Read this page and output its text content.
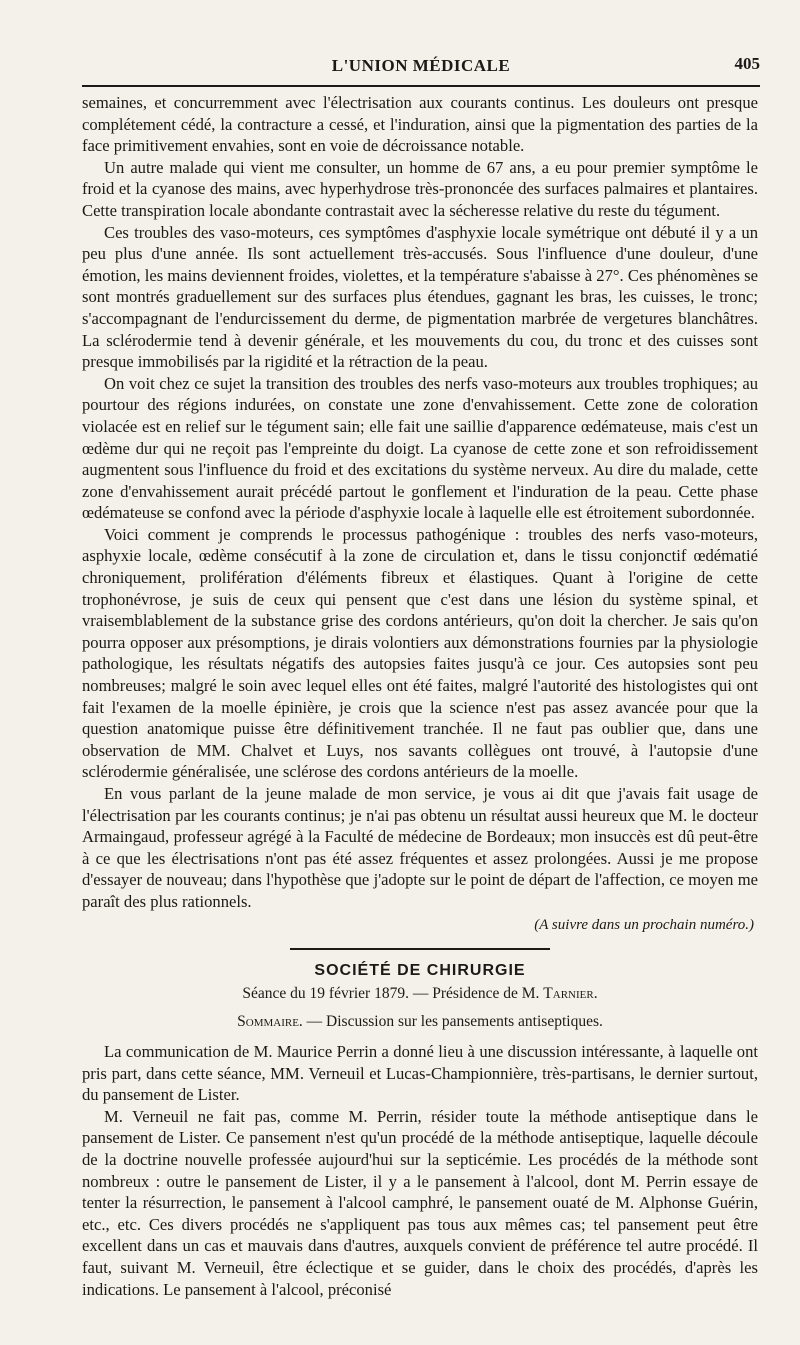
L'UNION MÉDICALE	405

semaines, et concurremment avec l'électrisation aux courants continus. Les douleurs ont presque complétement cédé, la contracture a cessé, et l'induration, ainsi que la pigmentation des parties de la face primitivement envahies, sont en voie de décroissance notable.

Un autre malade qui vient me consulter, un homme de 67 ans, a eu pour premier symptôme le froid et la cyanose des mains, avec hyperhydrose très-prononcée des surfaces palmaires et plantaires. Cette transpiration locale abondante contrastait avec la sécheresse relative du reste du tégument.

Ces troubles des vaso-moteurs, ces symptômes d'asphyxie locale symétrique ont débuté il y a un peu plus d'une année. Ils sont actuellement très-accusés. Sous l'influence d'une douleur, d'une émotion, les mains deviennent froides, violettes, et la température s'abaisse à 27°. Ces phénomènes se sont montrés graduellement sur des surfaces plus étendues, gagnant les bras, les cuisses, le tronc; s'accompagnant de l'endurcissement du derme, de pigmentation marbrée de vergetures blanchâtres. La sclérodermie tend à devenir générale, et les mouvements du cou, du tronc et des cuisses sont presque immobilisés par la rigidité et la rétraction de la peau.

On voit chez ce sujet la transition des troubles des nerfs vaso-moteurs aux troubles trophiques; au pourtour des régions indurées, on constate une zone d'envahissement. Cette zone de coloration violacée est en relief sur le tégument sain; elle fait une saillie d'apparence œdémateuse, mais c'est un œdème dur qui ne reçoit pas l'empreinte du doigt. La cyanose de cette zone et son refroidissement augmentent sous l'influence du froid et des excitations du système nerveux. Au dire du malade, cette zone d'envahissement aurait précédé partout le gonflement et l'induration de la peau. Cette phase œdémateuse se confond avec la période d'asphyxie locale à laquelle elle est étroitement subordonnée.

Voici comment je comprends le processus pathogénique : troubles des nerfs vaso-moteurs, asphyxie locale, œdème consécutif à la zone de circulation et, dans le tissu conjonctif œdématié chroniquement, prolifération d'éléments fibreux et élastiques. Quant à l'origine de cette trophonévrose, je suis de ceux qui pensent que c'est dans une lésion du système spinal, et vraisemblablement de la substance grise des cordons antérieurs, qu'on doit la chercher. Je sais qu'on pourra opposer aux présomptions, je dirais volontiers aux démonstrations fournies par la physiologie pathologique, les résultats négatifs des autopsies faites jusqu'à ce jour. Ces autopsies sont peu nombreuses; malgré le soin avec lequel elles ont été faites, malgré l'autorité des histologistes qui ont fait l'examen de la moelle épinière, je crois que la science n'est pas assez avancée pour que la question anatomique puisse être définitivement tranchée. Il ne faut pas oublier que, dans une observation de MM. Chalvet et Luys, nos savants collègues ont trouvé, à l'autopsie d'une sclérodermie généralisée, une sclérose des cordons antérieurs de la moelle.

En vous parlant de la jeune malade de mon service, je vous ai dit que j'avais fait usage de l'électrisation par les courants continus; je n'ai pas obtenu un résultat aussi heureux que M. le docteur Armaingaud, professeur agrégé à la Faculté de médecine de Bordeaux; mon insuccès est dû peut-être à ce que les électrisations n'ont pas été assez fréquentes et assez prolongées. Aussi je me propose d'essayer de nouveau; dans l'hypothèse que j'adopte sur le point de départ de l'affection, ce moyen me paraît des plus rationnels.

(A suivre dans un prochain numéro.)
SOCIÉTÉ DE CHIRURGIE
Séance du 19 février 1879. — Présidence de M. Tarnier.
Sommaire. — Discussion sur les pansements antiseptiques.

La communication de M. Maurice Perrin a donné lieu à une discussion intéressante, à laquelle ont pris part, dans cette séance, MM. Verneuil et Lucas-Championnière, très-partisans, le dernier surtout, du pansement de Lister.

M. Verneuil ne fait pas, comme M. Perrin, résider toute la méthode antiseptique dans le pansement de Lister. Ce pansement n'est qu'un procédé de la méthode antiseptique, laquelle découle de la doctrine nouvelle professée aujourd'hui sur la septicémie. Les procédés de la méthode sont nombreux : outre le pansement de Lister, il y a le pansement à l'alcool, dont M. Perrin essaye de tenter la résurrection, le pansement à l'alcool camphré, le pansement ouaté de M. Alphonse Guérin, etc., etc. Ces divers procédés ne s'appliquent pas tous aux mêmes cas; tel pansement peut être excellent dans un cas et mauvais dans d'autres, auxquels convient de préférence tel autre procédé. Il faut, suivant M. Verneuil, être éclectique et se guider, dans le choix des procédés, d'après les indications. Le pansement à l'alcool, préconisé
